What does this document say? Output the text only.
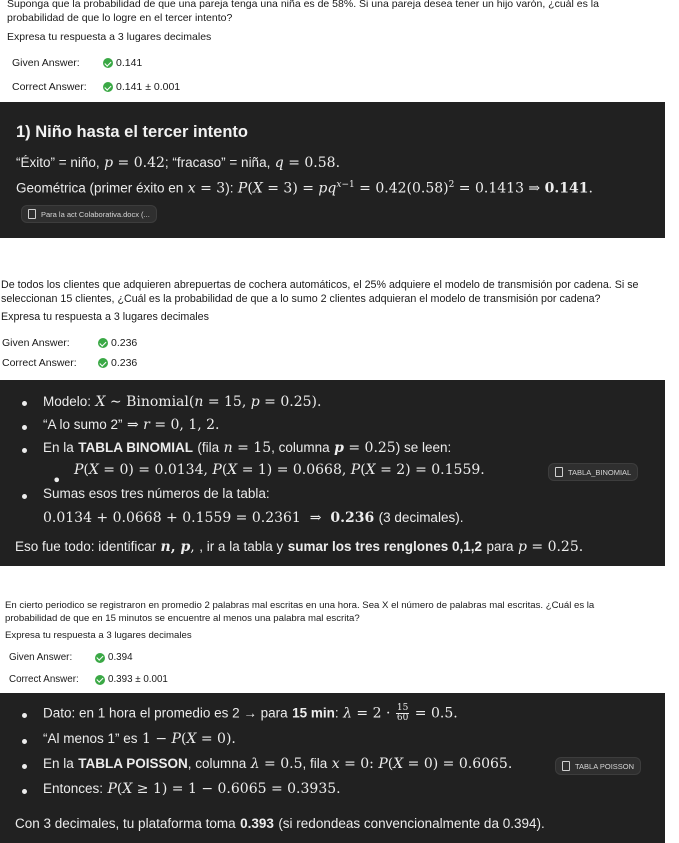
Suponga que la probabilidad de que una pareja tenga una niña es de 58%. Si una pareja desea tener un hijo varón, ¿cuál es la probabilidad de que lo logre en el tercer intento?

Expresa tu respuesta a 3 lugares decimales

Given Answer:	0.141
Correct Answer:	0.141 ± 0.001
1) Niño hasta el tercer intento
“Éxito” = niño, p = 0.42; “fracaso” = niña, q = 0.58.
Geométrica (primer éxito en x = 3): $P(X = 3) = pq^{x-1} = 0.42(0.58)^2 = 0.1413$ ⇒ 0.141.
Para la act Colaborativa.docx (...

De todos los clientes que adquieren abrepuertas de cochera automáticos, el 25% adquiere el modelo de transmisión por cadena. Si se seleccionan 15 clientes, ¿Cuál es la probabilidad de que a lo sumo 2 clientes adquieran el modelo de transmisión por cadena?

Expresa tu respuesta a 3 lugares decimales

Given Answer:	0.236
Correct Answer:	0.236
Modelo: X ∼ Binomial(n = 15, p = 0.25).
“A lo sumo 2” ⇒ r = 0, 1, 2.
En la TABLA BINOMIAL (fila n = 15, columna p = 0.25) se leen:
•
P(X = 0) = 0.0134, P(X = 1) = 0.0668, P(X = 2) = 0.1559.	TABLA_BINOMIAL
Sumas esos tres números de la tabla:
0.0134 + 0.0668 + 0.1559 = 0.2361  ⇒  0.236 (3 decimales).
Eso fue todo: identificar n, p, , ir a la tabla y sumar los tres renglones 0,1,2 para p = 0.25.

En cierto periodico se registraron en promedio 2 palabras mal escritas en una hora. Sea X el número de palabras mal escritas. ¿Cuál es la probabilidad de que en 15 minutos se encuentre al menos una palabra mal escrita?

Expresa tu respuesta a 3 lugares decimales

Given Answer:	0.394
Correct Answer:	0.393 ± 0.001
Dato: en 1 hora el promedio es 2 → para 15 min: $\lambda = 2 \cdot \frac{15}{60} = 0.5$.
“Al menos 1” es 1 − P(X = 0).
En la TABLA POISSON, columna λ = 0.5, fila x = 0: P(X = 0) = 0.6065.	TABLA POISSON
Entonces: P(X ≥ 1) = 1 − 0.6065 = 0.3935.
Con 3 decimales, tu plataforma toma 0.393 (si redondeas convencionalmente da 0.394).
